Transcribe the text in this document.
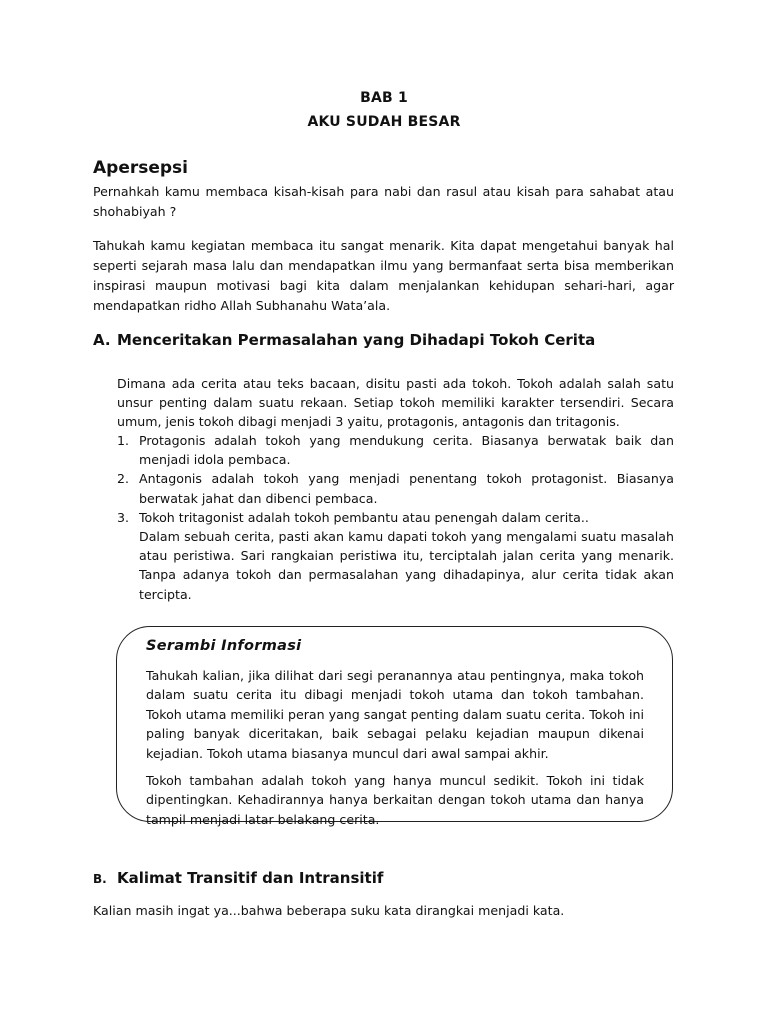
BAB 1
AKU SUDAH BESAR
Apersepsi
Pernahkah kamu membaca kisah-kisah para nabi dan rasul atau kisah para sahabat atau shohabiyah ?
Tahukah kamu kegiatan membaca itu sangat menarik. Kita dapat mengetahui banyak hal seperti sejarah masa lalu dan mendapatkan ilmu yang bermanfaat serta bisa memberikan inspirasi maupun motivasi bagi kita dalam menjalankan kehidupan sehari-hari, agar mendapatkan ridho Allah Subhanahu Wata’ala.
A. Menceritakan Permasalahan yang Dihadapi Tokoh Cerita
Dimana ada cerita atau teks bacaan, disitu pasti ada tokoh. Tokoh adalah salah satu unsur penting dalam suatu rekaan. Setiap tokoh memiliki karakter tersendiri. Secara umum, jenis tokoh dibagi menjadi 3 yaitu, protagonis, antagonis dan tritagonis.
1. Protagonis adalah tokoh yang mendukung cerita. Biasanya berwatak baik dan menjadi idola pembaca.
2. Antagonis adalah tokoh yang menjadi penentang tokoh protagonist. Biasanya berwatak jahat dan dibenci pembaca.
3. Tokoh tritagonist adalah tokoh pembantu atau penengah dalam cerita..
Dalam sebuah cerita, pasti akan kamu dapati tokoh yang mengalami suatu masalah atau peristiwa. Sari rangkaian peristiwa itu, terciptalah jalan cerita yang menarik. Tanpa adanya tokoh dan permasalahan yang dihadapinya, alur cerita tidak akan tercipta.
Serambi Informasi
Tahukah kalian, jika dilihat dari segi peranannya atau pentingnya, maka tokoh dalam suatu cerita itu dibagi menjadi tokoh utama dan tokoh tambahan. Tokoh utama memiliki peran yang sangat penting dalam suatu cerita. Tokoh ini paling banyak diceritakan, baik sebagai pelaku kejadian maupun dikenai kejadian. Tokoh utama biasanya muncul dari awal sampai akhir.
Tokoh tambahan adalah tokoh yang hanya muncul sedikit. Tokoh ini tidak dipentingkan. Kehadirannya hanya berkaitan dengan tokoh utama dan hanya tampil menjadi latar belakang cerita.
B. Kalimat Transitif dan Intransitif
Kalian masih ingat ya...bahwa beberapa suku kata dirangkai menjadi kata.
